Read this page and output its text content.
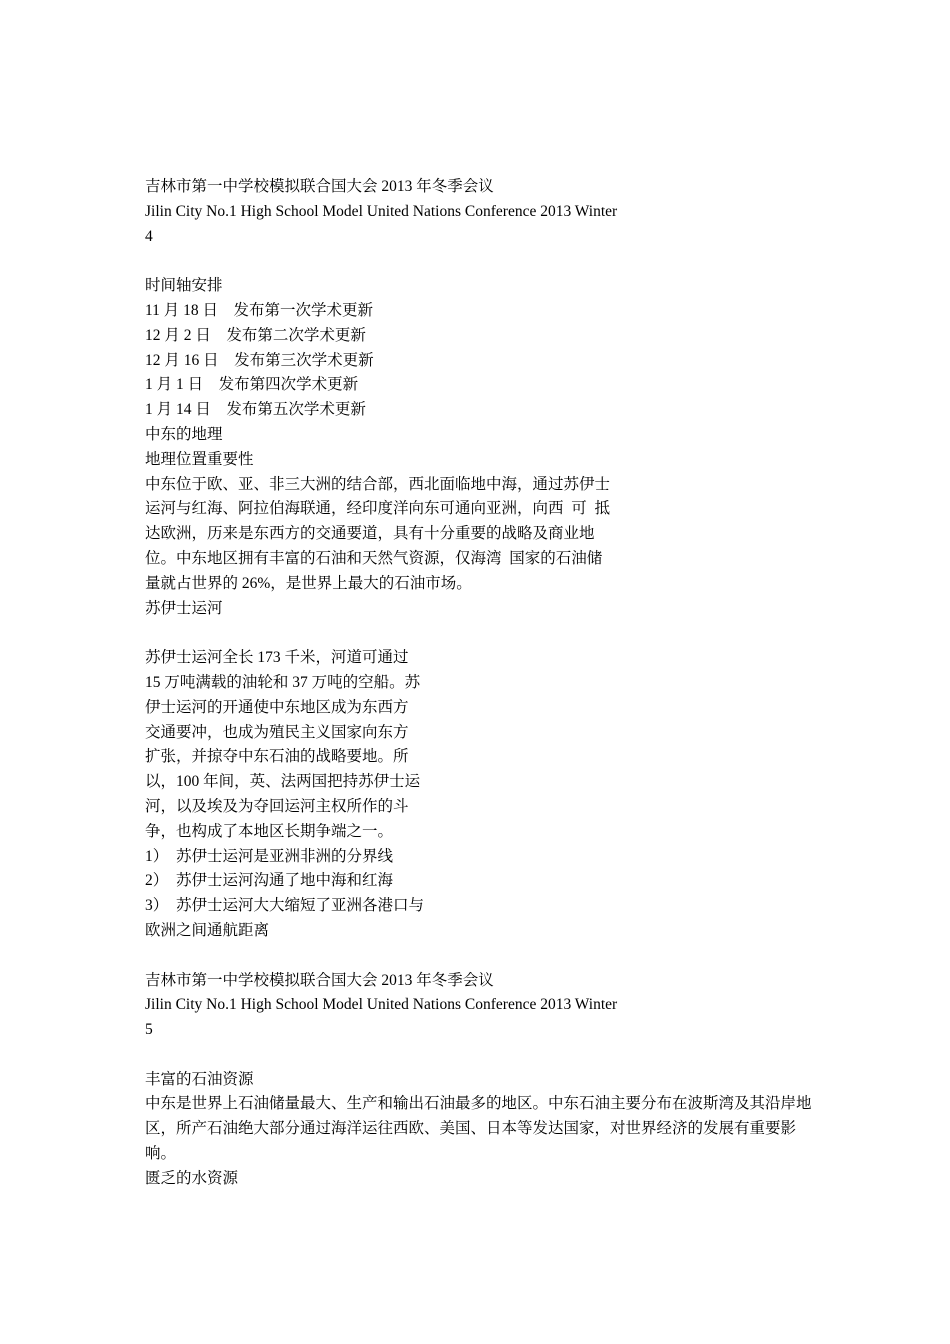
吉林市第一中学校模拟联合国大会 2013 年冬季会议
Jilin City No.1 High School Model United Nations Conference 2013 Winter
4
时间轴安排
11 月 18 日    发布第一次学术更新
12 月 2 日    发布第二次学术更新
12 月 16 日    发布第三次学术更新
1 月 1 日    发布第四次学术更新
1 月 14 日    发布第五次学术更新
中东的地理
地理位置重要性
中东位于欧、亚、非三大洲的结合部，西北面临地中海，通过苏伊士
运河与红海、阿拉伯海联通，经印度洋向东可通向亚洲，向西  可  抵
达欧洲，历来是东西方的交通要道，具有十分重要的战略及商业地
位。中东地区拥有丰富的石油和天然气资源，仅海湾  国家的石油储
量就占世界的 26%，是世界上最大的石油市场。
苏伊士运河
苏伊士运河全长 173 千米，河道可通过
15 万吨满载的油轮和 37 万吨的空船。苏
伊士运河的开通使中东地区成为东西方
交通要冲，也成为殖民主义国家向东方
扩张，并掠夺中东石油的战略要地。所
以，100 年间，英、法两国把持苏伊士运
河，以及埃及为夺回运河主权所作的斗
争，也构成了本地区长期争端之一。
1）  苏伊士运河是亚洲非洲的分界线
2）  苏伊士运河沟通了地中海和红海
3）  苏伊士运河大大缩短了亚洲各港口与
欧洲之间通航距离
吉林市第一中学校模拟联合国大会 2013 年冬季会议
Jilin City No.1 High School Model United Nations Conference 2013 Winter
5
丰富的石油资源
中东是世界上石油储量最大、生产和输出石油最多的地区。中东石油主要分布在波斯湾及其沿岸地
区，所产石油绝大部分通过海洋运往西欧、美国、日本等发达国家，对世界经济的发展有重要影响。
匮乏的水资源
